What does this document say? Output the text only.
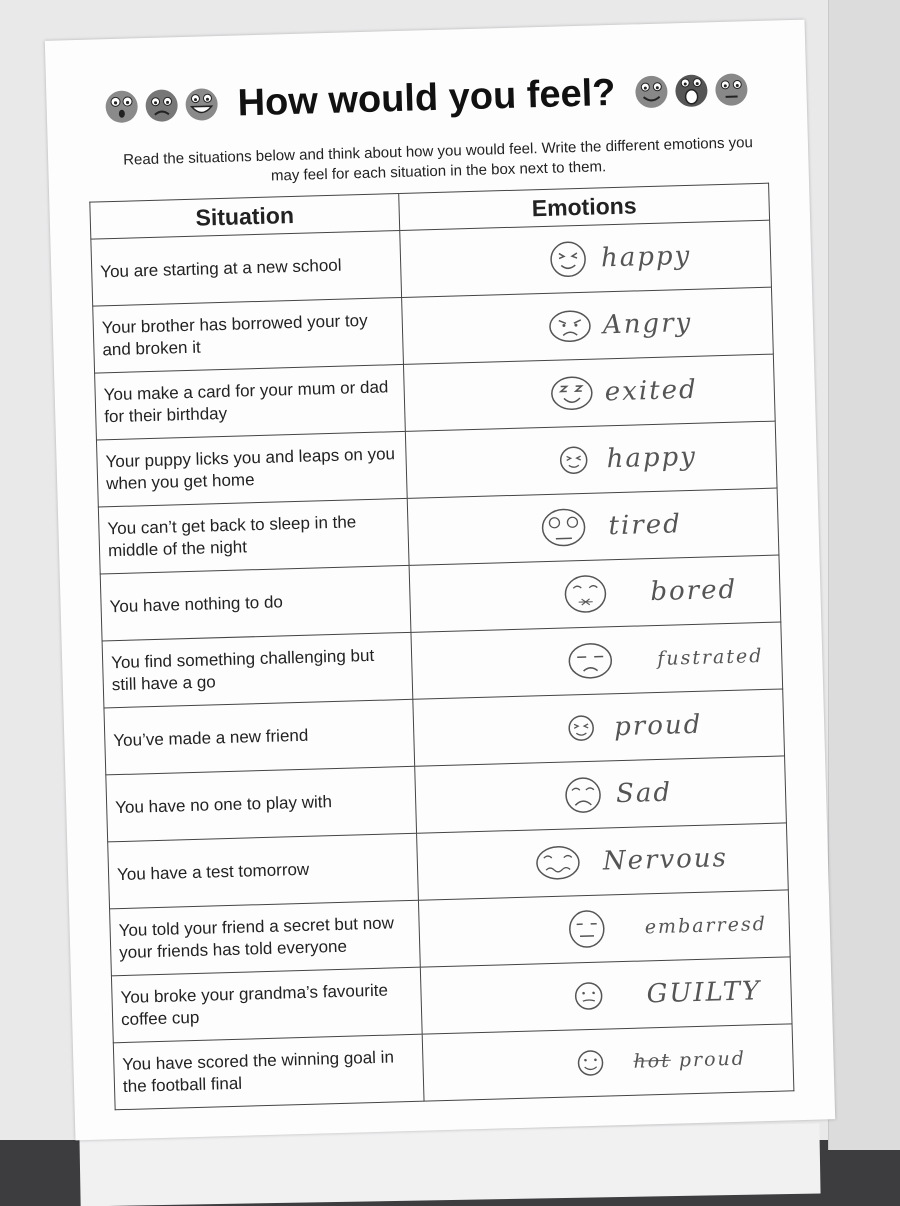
How would you feel?
Read the situations below and think about how you would feel. Write the different emotions you may feel for each situation in the box next to them.
Situation	Emotions
You are starting at a new school	happy

Your brother has borrowed your toy and broken it	Angry

You make a card for your mum or dad for their birthday	exited

Your puppy licks you and leaps on you when you get home	happy

You can’t get back to sleep in the middle of the night	tired

You have nothing to do	bored

You find something challenging but still have a go	fustrated

You’ve made a new friend	proud

You have no one to play with	Sad

You have a test tomorrow	Nervous

You told your friend a secret but now your friends has told everyone	embarresd

You broke your grandma’s favourite coffee cup	GUILTY

You have scored the winning goal in the football final	hot proud
